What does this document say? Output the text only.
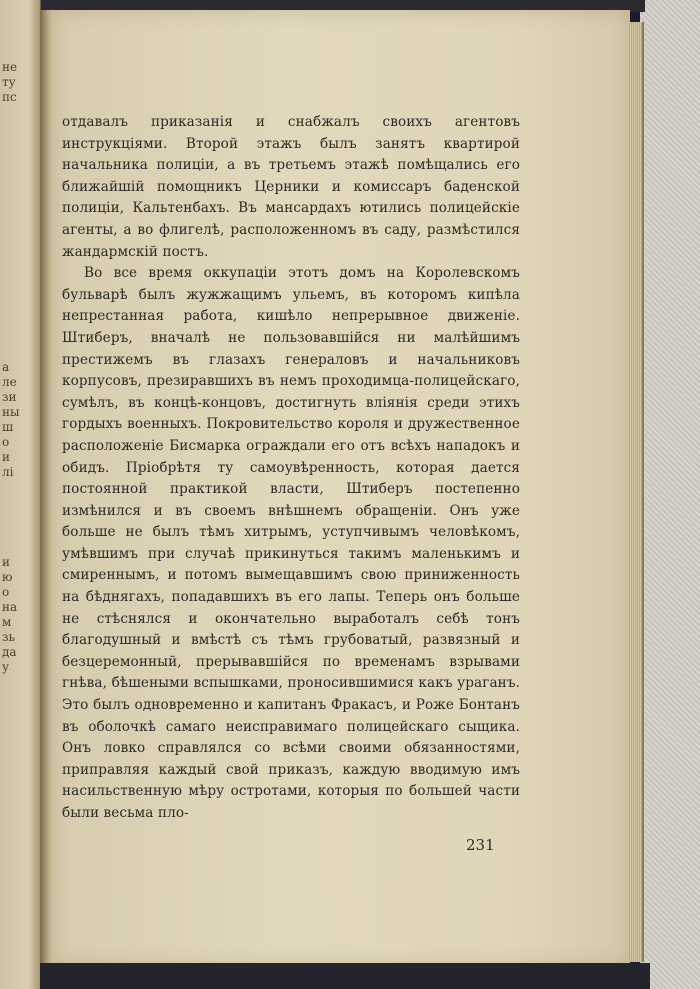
не
ту
пс

а
ле
зи
ны
ш
о
и
лі

и
ю
о
на
м
зь
да
у

отдавалъ приказанія и снабжалъ своихъ агентовъ инструкціями. Второй этажъ былъ занятъ квартирой начальника полиціи, а въ третьемъ этажѣ помѣщались его ближайшій помощникъ Церники и комиссаръ баденской полиціи, Кальтенбахъ. Въ мансардахъ ютились полицейскіе агенты, а во флигелѣ, расположенномъ въ саду, размѣстился жандармскій постъ.

Во все время оккупаціи этотъ домъ на Королевскомъ бульварѣ былъ жужжащимъ ульемъ, въ которомъ кипѣла непрестанная работа, кишѣло непрерывное движеніе. Штиберъ, вначалѣ не пользовавшійся ни малѣйшимъ престижемъ въ глазахъ генераловъ и начальниковъ корпусовъ, презиравшихъ въ немъ проходимца-полицейскаго, сумѣлъ, въ концѣ-концовъ, достигнуть вліянія среди этихъ гордыхъ военныхъ. Покровительство короля и дружественное расположеніе Бисмарка ограждали его отъ всѣхъ нападокъ и обидъ. Пріобрѣтя ту самоувѣренность, которая дается постоянной практикой власти, Штиберъ постепенно измѣнился и въ своемъ внѣшнемъ обращеніи. Онъ уже больше не былъ тѣмъ хитрымъ, уступчивымъ человѣкомъ, умѣвшимъ при случаѣ прикинуться такимъ маленькимъ и смиреннымъ, и потомъ вымещавшимъ свою приниженность на бѣднягахъ, попадавшихъ въ его лапы. Теперь онъ больше не стѣснялся и окончательно выработалъ себѣ тонъ благодушный и вмѣстѣ съ тѣмъ грубоватый, развязный и безцеремонный, прерывавшійся по временамъ взрывами гнѣва, бѣшеными вспышками, проносившимися какъ ураганъ. Это былъ одновременно и капитанъ Фракасъ, и Роже Бонтанъ въ оболочкѣ самаго неисправимаго полицейскаго сыщика. Онъ ловко справлялся со всѣми своими обязанностями, приправляя каждый свой приказъ, каждую вводимую имъ насильственную мѣру остротами, которыя по большей части были весьма пло-

231
